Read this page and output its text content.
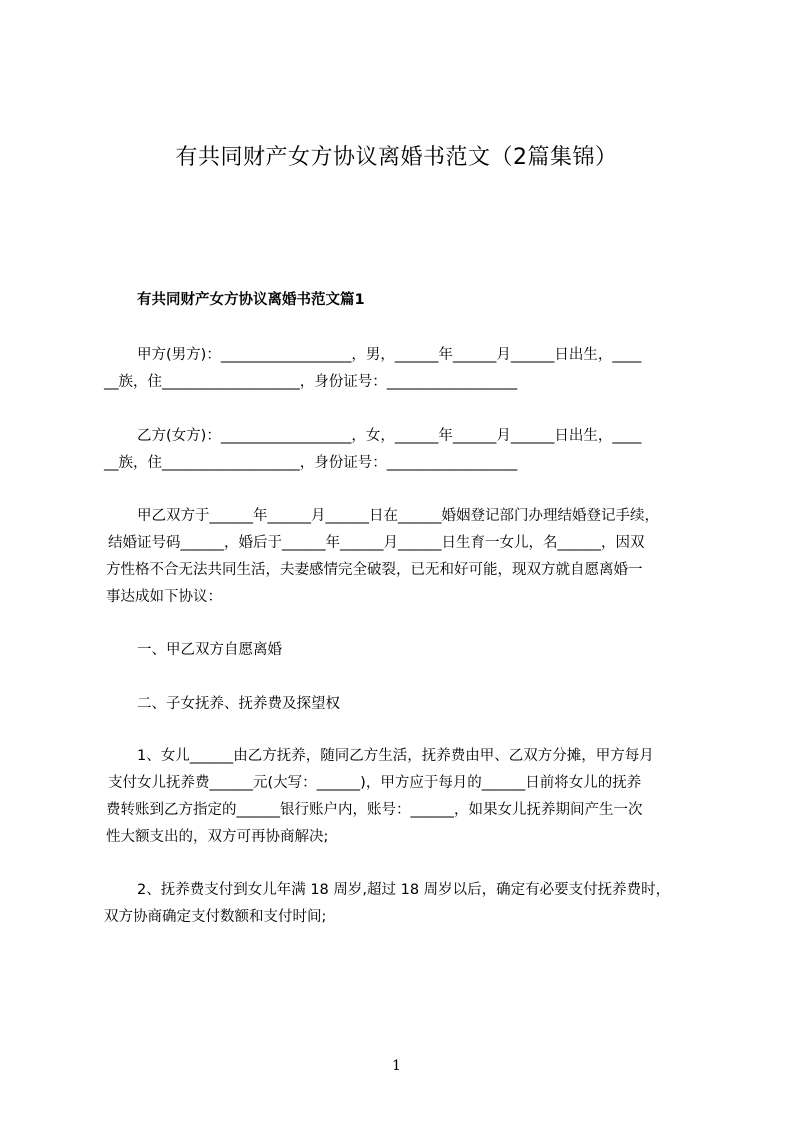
有共同财产女方协议离婚书范文（2篇集锦）
有共同财产女方协议离婚书范文篇1
甲方(男方)：__________________，男，______年______月______日出生，____
__族，住___________________，身份证号：__________________
乙方(女方)：__________________，女，______年______月______日出生，____
__族，住___________________，身份证号：__________________
甲乙双方于______年______月______日在______婚姻登记部门办理结婚登记手续，
结婚证号码______，婚后于______年______月______日生育一女儿，名______，因双
方性格不合无法共同生活，夫妻感情完全破裂，已无和好可能，现双方就自愿离婚一
事达成如下协议：
一、甲乙双方自愿离婚
二、子女抚养、抚养费及探望权
1、女儿______由乙方抚养，随同乙方生活，抚养费由甲、乙双方分摊，甲方每月
支付女儿抚养费______元(大写：______)，甲方应于每月的______日前将女儿的抚养
费转账到乙方指定的______银行账户内，账号：______，如果女儿抚养期间产生一次
性大额支出的，双方可再协商解决;
2、抚养费支付到女儿年满 18 周岁,超过 18 周岁以后，确定有必要支付抚养费时，
双方协商确定支付数额和支付时间;
1
